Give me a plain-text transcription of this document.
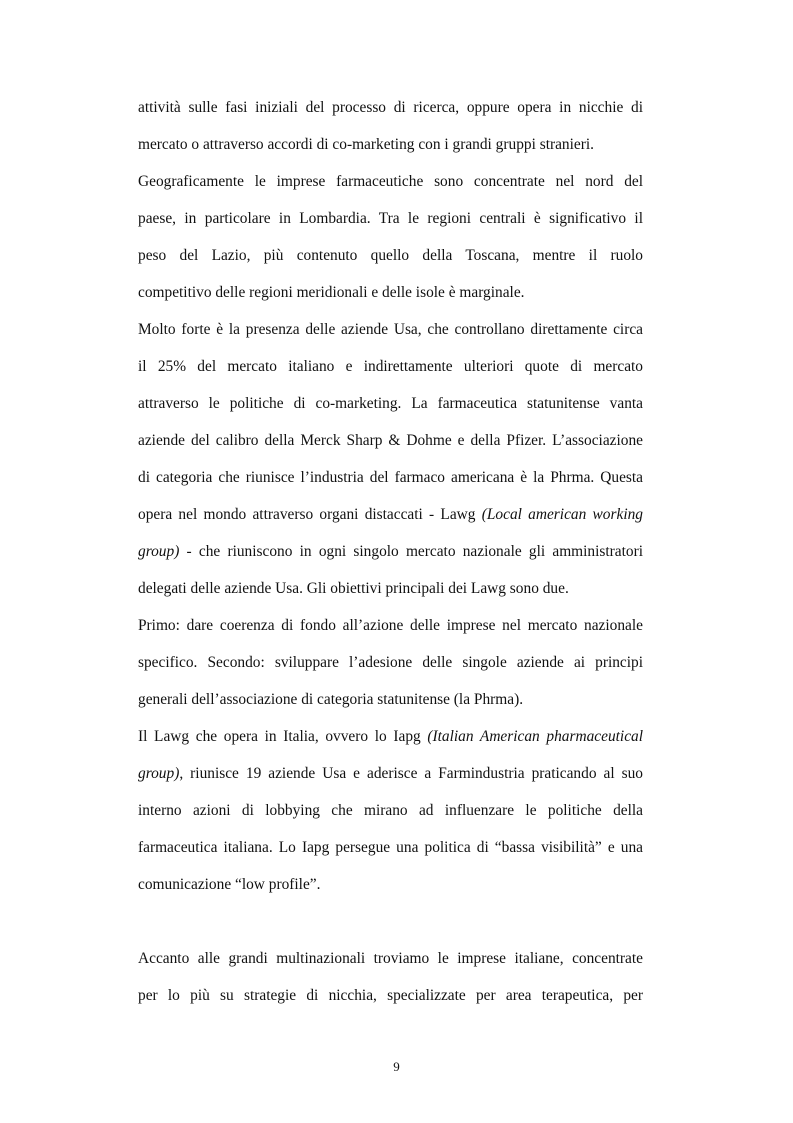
attività sulle fasi iniziali del processo di ricerca, oppure opera in nicchie di
mercato o attraverso accordi di co-marketing con i grandi gruppi stranieri.
Geograficamente le imprese farmaceutiche sono concentrate nel nord del
paese, in particolare in Lombardia. Tra le regioni centrali è significativo il
peso del Lazio, più contenuto quello della Toscana, mentre il ruolo
competitivo delle regioni meridionali e delle isole è marginale.
Molto forte è la presenza delle aziende Usa, che controllano direttamente circa
il 25% del mercato italiano e indirettamente ulteriori quote di mercato
attraverso le politiche di co-marketing. La farmaceutica statunitense vanta
aziende del calibro della Merck Sharp & Dohme e della Pfizer. L’associazione
di categoria che riunisce l’industria del farmaco americana è la Phrma. Questa
opera nel mondo attraverso organi distaccati - Lawg (Local american working
group) - che riuniscono in ogni singolo mercato nazionale gli amministratori
delegati delle aziende Usa. Gli obiettivi principali dei Lawg sono due.
Primo: dare coerenza di fondo all’azione delle imprese nel mercato nazionale
specifico. Secondo: sviluppare l’adesione delle singole aziende ai principi
generali dell’associazione di categoria statunitense (la Phrma).
Il Lawg che opera in Italia, ovvero lo Iapg (Italian American pharmaceutical
group), riunisce 19 aziende Usa e aderisce a Farmindustria praticando al suo
interno azioni di lobbying che mirano ad influenzare le politiche della
farmaceutica italiana. Lo Iapg persegue una politica di “bassa visibilità” e una
comunicazione “low profile”.
Accanto alle grandi multinazionali troviamo le imprese italiane, concentrate
per lo più su strategie di nicchia, specializzate per area terapeutica, per
9
